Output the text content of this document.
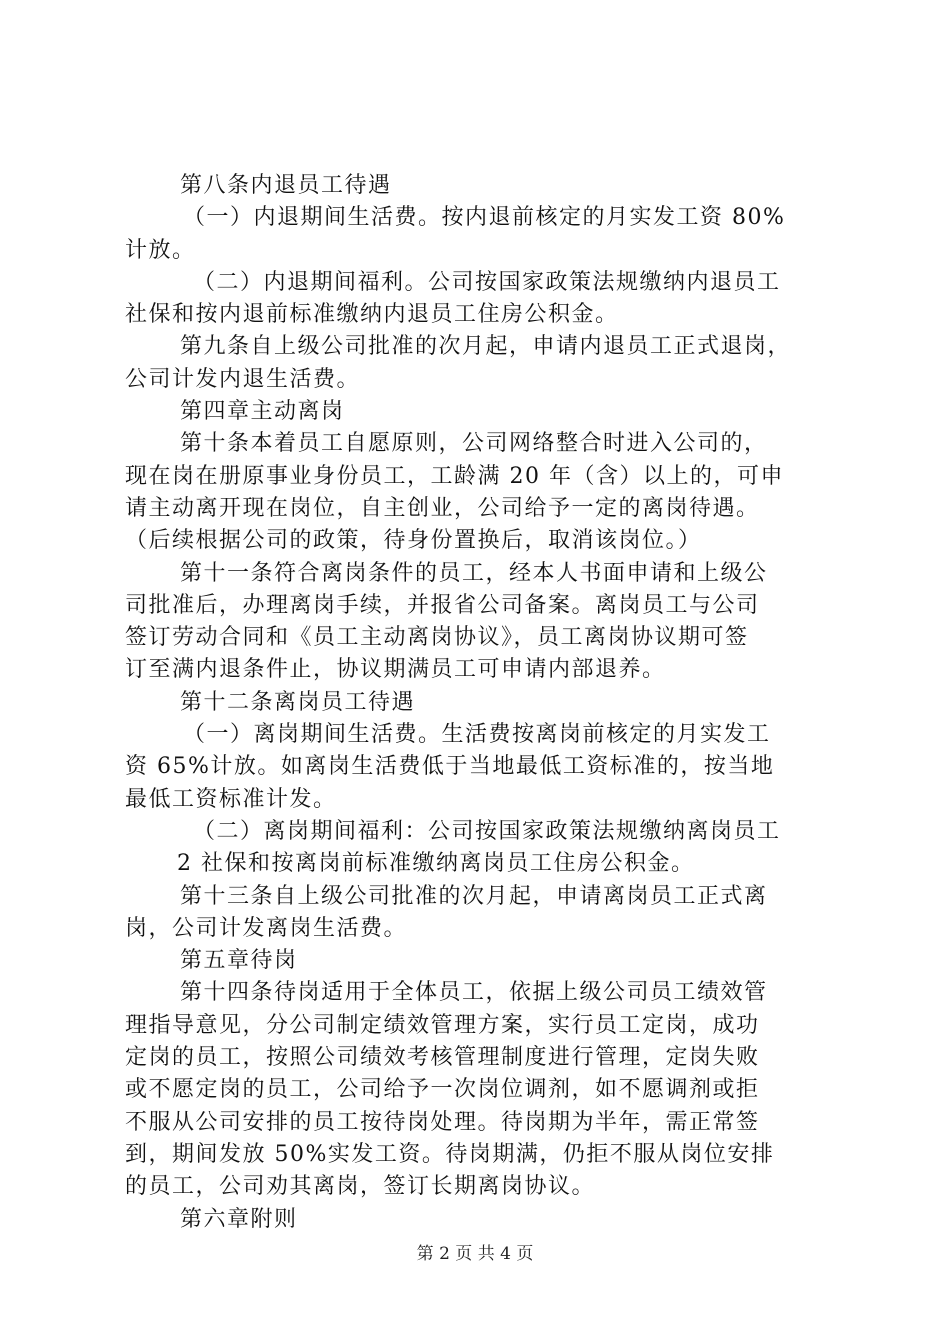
第八条内退员工待遇
（一）内退期间生活费。按内退前核定的月实发工资 80%
计放。
（二）内退期间福利。公司按国家政策法规缴纳内退员工
社保和按内退前标准缴纳内退员工住房公积金。
第九条自上级公司批准的次月起，申请内退员工正式退岗，
公司计发内退生活费。
第四章主动离岗
第十条本着员工自愿原则，公司网络整合时进入公司的，
现在岗在册原事业身份员工，工龄满 20 年（含）以上的，可申
请主动离开现在岗位，自主创业，公司给予一定的离岗待遇。
（后续根据公司的政策，待身份置换后，取消该岗位。）
第十一条符合离岗条件的员工，经本人书面申请和上级公
司批准后，办理离岗手续，并报省公司备案。离岗员工与公司
签订劳动合同和《员工主动离岗协议》，员工离岗协议期可签
订至满内退条件止，协议期满员工可申请内部退养。
第十二条离岗员工待遇
（一）离岗期间生活费。生活费按离岗前核定的月实发工
资 65%计放。如离岗生活费低于当地最低工资标准的，按当地
最低工资标准计发。
（二）离岗期间福利：公司按国家政策法规缴纳离岗员工
2 社保和按离岗前标准缴纳离岗员工住房公积金。
第十三条自上级公司批准的次月起，申请离岗员工正式离
岗，公司计发离岗生活费。
第五章待岗
第十四条待岗适用于全体员工，依据上级公司员工绩效管
理指导意见，分公司制定绩效管理方案，实行员工定岗，成功
定岗的员工，按照公司绩效考核管理制度进行管理，定岗失败
或不愿定岗的员工，公司给予一次岗位调剂，如不愿调剂或拒
不服从公司安排的员工按待岗处理。待岗期为半年，需正常签
到，期间发放 50%实发工资。待岗期满，仍拒不服从岗位安排
的员工，公司劝其离岗，签订长期离岗协议。
第六章附则
第 2 页 共 4 页
